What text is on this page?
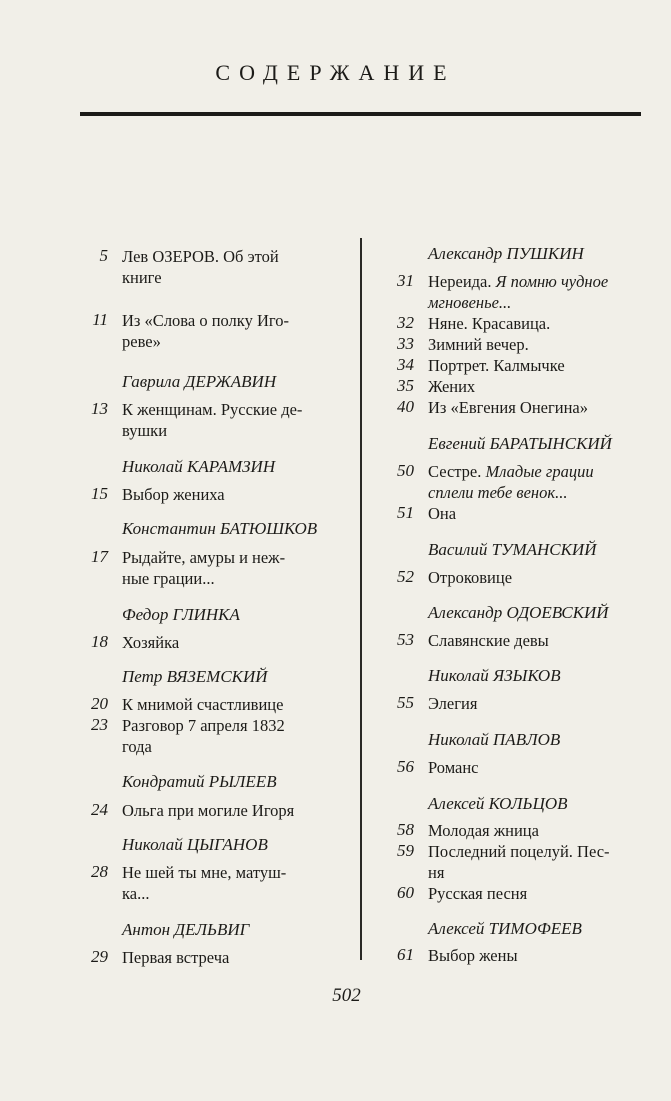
СОДЕРЖАНИЕ
5 Лев ОЗЕРОВ. Об этой
книге
11 Из «Слова о полку Иго-
реве»
Гаврила ДЕРЖАВИН
13 К женщинам. Русские де-
вушки
Николай КАРАМЗИН
15 Выбор жениха
Константин БАТЮШКОВ
17 Рыдайте, амуры и неж-
ные грации...
Федор ГЛИНКА
18 Хозяйка
Петр ВЯЗЕМСКИЙ
20 К мнимой счастливице
23 Разговор 7 апреля 1832
года
Кондратий РЫЛЕЕВ
24 Ольга при могиле Игоря
Николай ЦЫГАНОВ
28 Не шей ты мне, матуш-
ка...
Антон ДЕЛЬВИГ
29 Первая встреча
Александр ПУШКИН
31 Нереида. Я помню чудное
мгновенье...
32 Няне. Красавица.
33 Зимний вечер.
34 Портрет. Калмычке
35 Жених
40 Из «Евгения Онегина»
Евгений БАРАТЫНСКИЙ
50 Сестре. Младые грации
сплели тебе венок...
51 Она
Василий ТУМАНСКИЙ
52 Отроковице
Александр ОДОЕВСКИЙ
53 Славянские девы
Николай ЯЗЫКОВ
55 Элегия
Николай ПАВЛОВ
56 Романс
Алексей КОЛЬЦОВ
58 Молодая жница
59 Последний поцелуй. Пес-
ня
60 Русская песня
Алексей ТИМОФЕЕВ
61 Выбор жены
502
